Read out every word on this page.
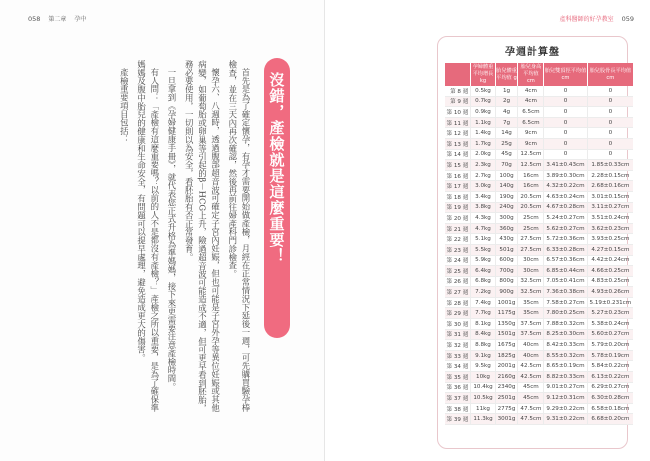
058 第二章 孕中

首先是為了確定懷孕，有孕才需要開始做產檢，月經在正常情況下延後一週，可先購買驗孕棒檢查，並在三天內再次確認，然後再前往婦產科門診檢查。

懷孕六、八週時，透過腹部超音波可確定子宮內妊娠，但也可能是子宮外孕等異位妊娠或其他病變，如葡萄胎或卵巢等引起的β－HCG上升，險過超音波可能造成不適，但可更早看到胚胎，務必要使用，一切則以為安全，看胚胎有否正常發育。

一旦拿到《孕婦健康手冊》，就代表您正式升格為準媽媽，接下來更需要注意產檢時間。

有人問：「產檢有這麼重要嗎？以前的人不是都沒有產檢？」產檢之所以重要，是為了確保準媽媽及腹中胎兒的健康和生命安全，有問題可以提早處理，避免造成更大的傷害。

產檢重要項目包括：	沒錯，產檢就是這麼重要！
產科醫師的好孕教室 059
孕週計算盤
	孕婦體重平均增長 kg	胎兒體重平均值 g	胎兒身高平均值 cm	胎兒雙頂徑平均值 cm	胎兒股骨長平均值 cm
第 8 週	0.5kg	1g	4cm	0	0
第 9 週	0.7kg	2g	4cm	0	0
第 10 週	0.9kg	4g	6.5cm	0	0
第 11 週	1.1kg	7g	6.5cm	0	0
第 12 週	1.4kg	14g	9cm	0	0
第 13 週	1.7kg	25g	9cm	0	0
第 14 週	2.0kg	45g	12.5cm	0	0
第 15 週	2.3kg	70g	12.5cm	3.41±0.43cm	1.85±0.33cm
第 16 週	2.7kg	100g	16cm	3.89±0.30cm	2.28±0.15cm
第 17 週	3.0kg	140g	16cm	4.32±0.22cm	2.68±0.16cm
第 18 週	3.4kg	190g	20.5cm	4.63±0.24cm	3.01±0.15cm
第 19 週	3.8kg	240g	20.5cm	4.67±0.28cm	3.11±0.27cm
第 20 週	4.3kg	300g	25cm	5.24±0.27cm	3.51±0.24cm
第 21 週	4.7kg	360g	25cm	5.62±0.27cm	3.62±0.23cm
第 22 週	5.1kg	430g	27.5cm	5.72±0.36cm	3.93±0.25cm
第 23 週	5.5kg	501g	27.5cm	6.33±0.28cm	4.27±0.15cm
第 24 週	5.9kg	600g	30cm	6.57±0.36cm	4.42±0.24cm
第 25 週	6.4kg	700g	30cm	6.85±0.44cm	4.66±0.25cm
第 26 週	6.8kg	800g	32.5cm	7.05±0.41cm	4.83±0.25cm
第 27 週	7.2kg	900g	32.5cm	7.36±0.38cm	4.93±0.26cm
第 28 週	7.4kg	1001g	35cm	7.58±0.27cm	5.19±0.231cm
第 29 週	7.7kg	1175g	35cm	7.80±0.25cm	5.27±0.23cm
第 30 週	8.1kg	1350g	37.5cm	7.88±0.32cm	5.38±0.24cm
第 31 週	8.4kg	1501g	37.5cm	8.25±0.30cm	5.60±0.27cm
第 32 週	8.8kg	1675g	40cm	8.42±0.33cm	5.79±0.20cm
第 33 週	9.1kg	1825g	40cm	8.55±0.32cm	5.78±0.19cm
第 34 週	9.5kg	2001g	42.5cm	8.65±0.19cm	5.84±0.22cm
第 35 週	10kg	2160g	42.5cm	8.82±0.33cm	6.13±0.22cm
第 36 週	10.4kg	2340g	45cm	9.01±0.27cm	6.29±0.27cm
第 37 週	10.5kg	2501g	45cm	9.12±0.31cm	6.30±0.28cm
第 38 週	11kg	2775g	47.5cm	9.29±0.22cm	6.58±0.18cm
第 39 週	11.3kg	3001g	47.5cm	9.31±0.22cm	6.68±0.20cm
